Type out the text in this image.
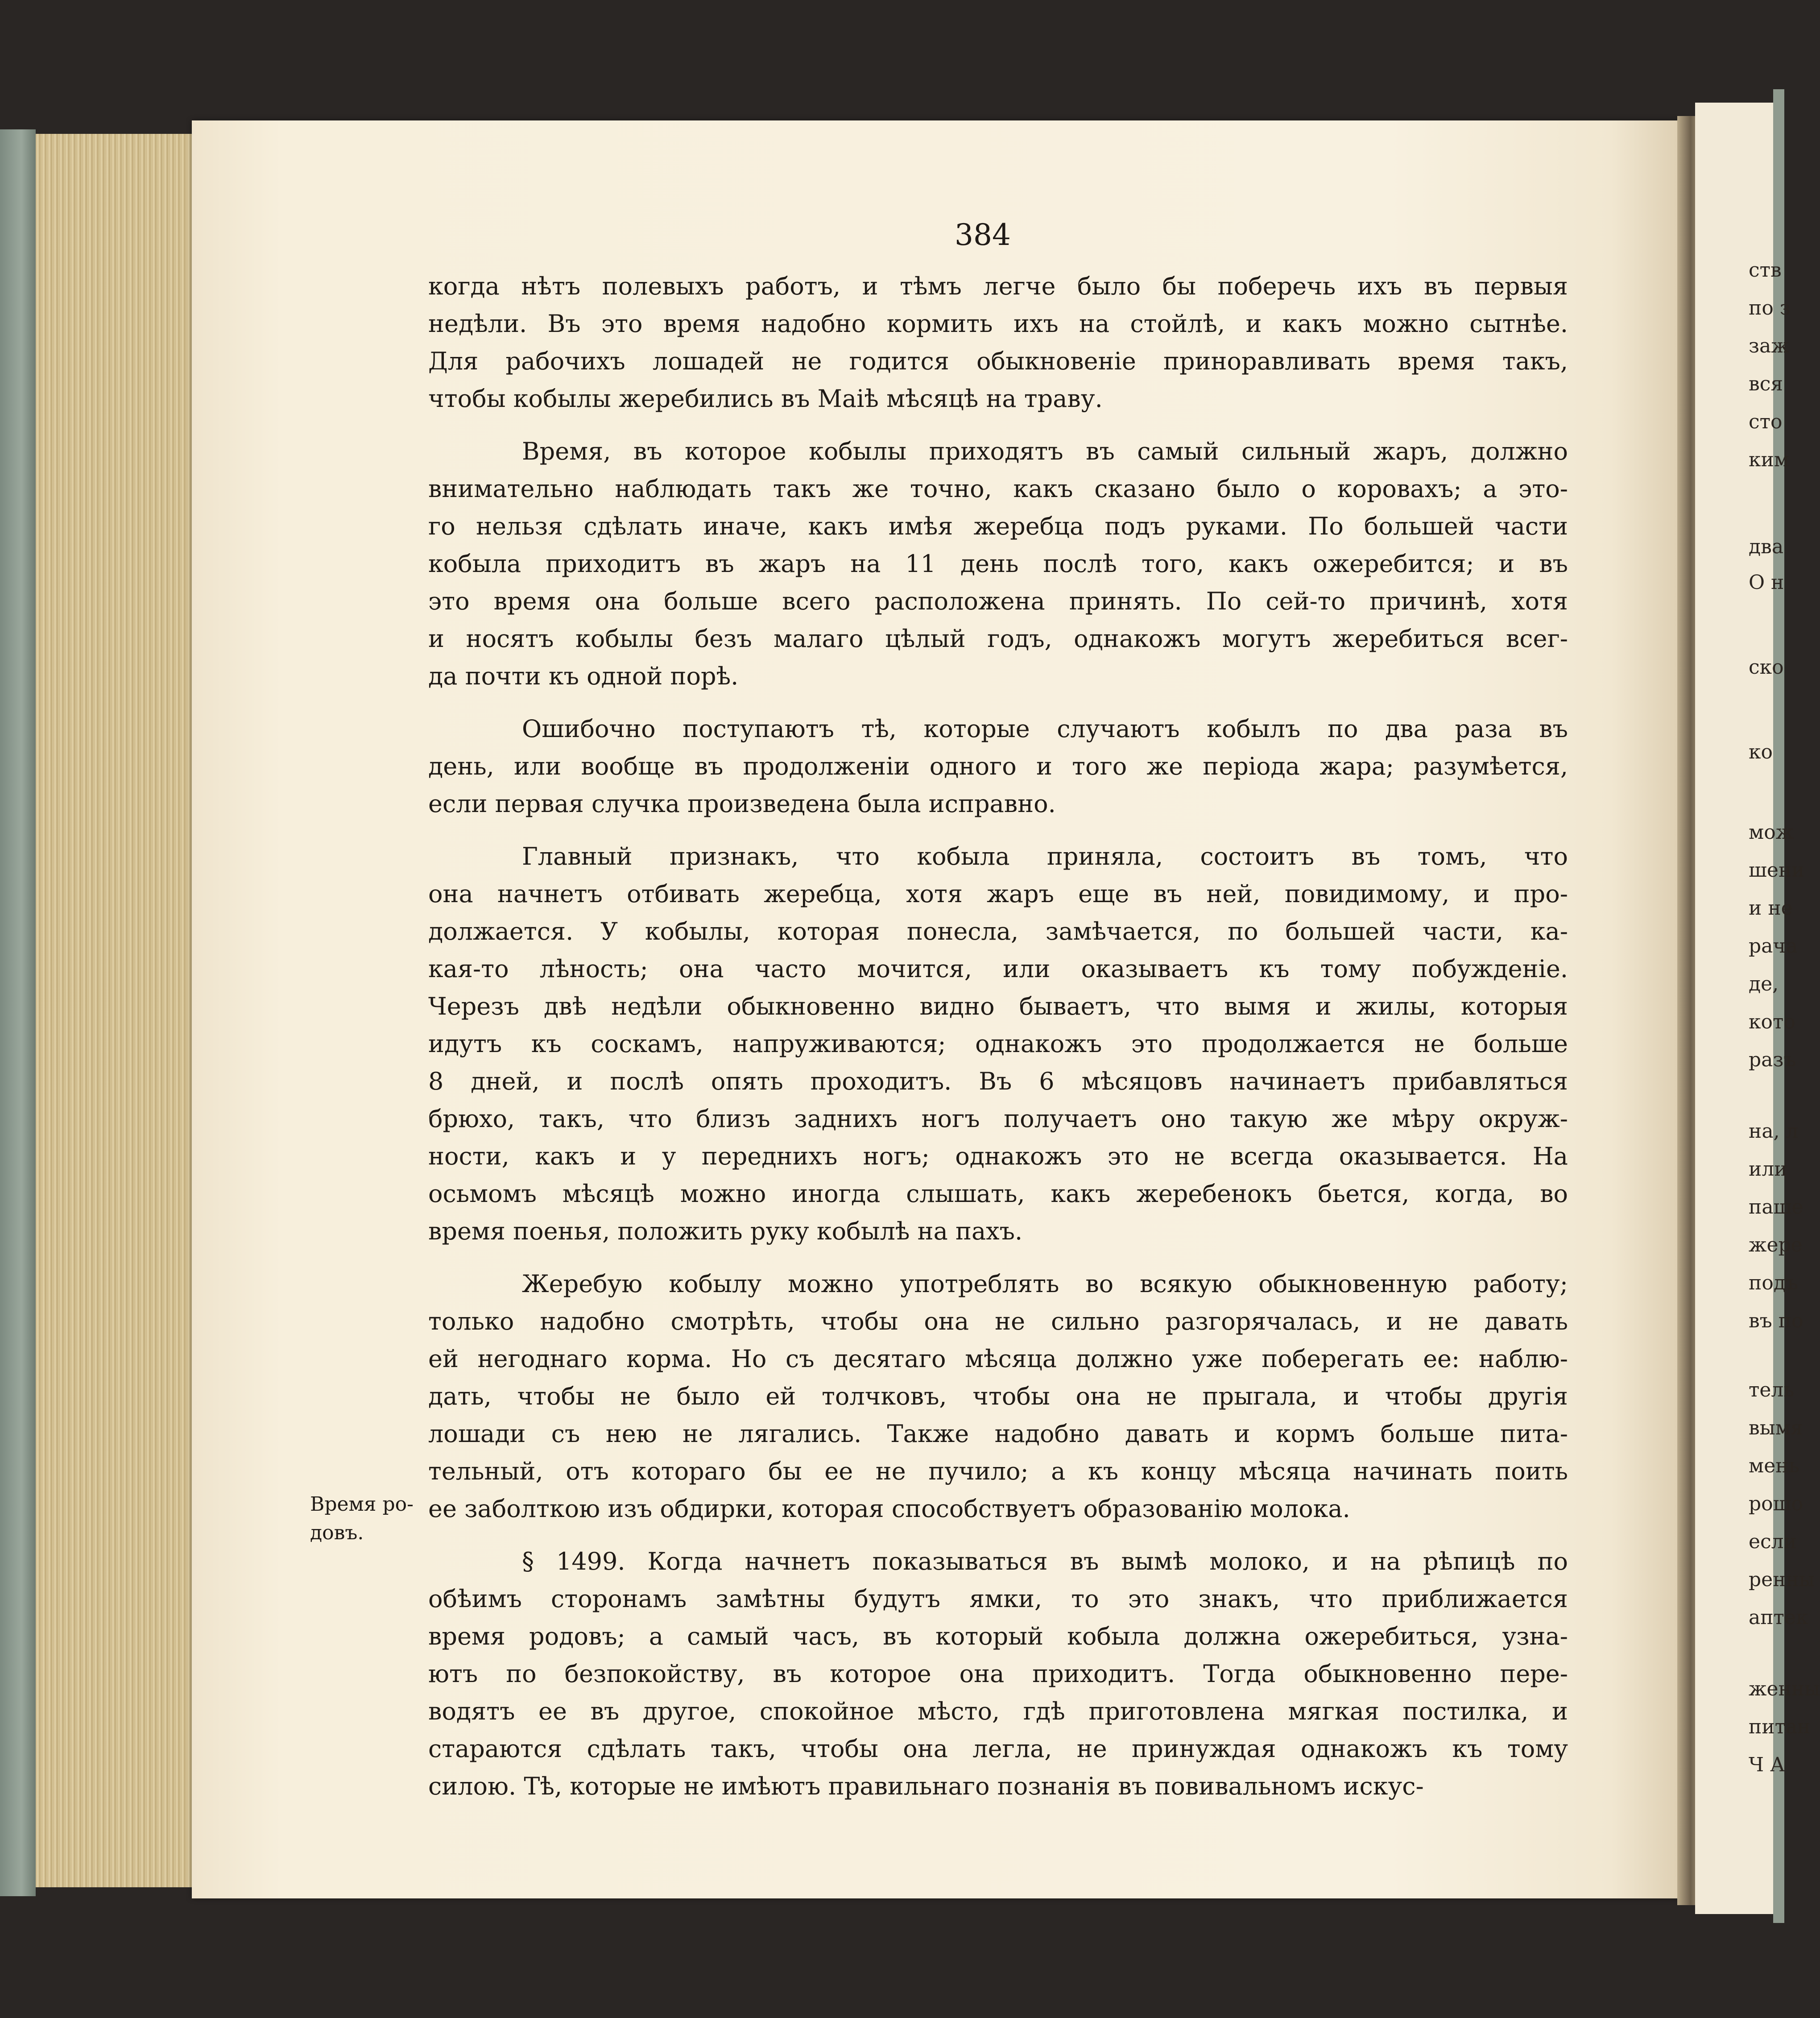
ств
по з
заж
вся
сто
ким
два
О н
ско
ко
мож
шени
и не
рача
де,
кото
разъ
на, л
или
паше
жере
подъ
въ по
тель
вымя
мень
рошо
если
ренны
аптек
женны
питан
Ч А
384
Время ро-
довъ.
когда нѣтъ полевыхъ работъ, и тѣмъ легче было бы поберечь ихъ въ первыя
недѣли. Въ это время надобно кормить ихъ на стойлѣ, и какъ можно сытнѣе.
Для рабочихъ лошадей не годится обыкновеніе приноравливать время такъ,
чтобы кобылы жеребились въ Маіѣ мѣсяцѣ на траву.
Время, въ которое кобылы приходятъ въ самый сильный жаръ, должно
внимательно наблюдать такъ же точно, какъ сказано было о коровахъ; а это-
го нельзя сдѣлать иначе, какъ имѣя жеребца подъ руками. По большей части
кобыла приходитъ въ жаръ на 11 день послѣ того, какъ ожеребится; и въ
это время она больше всего расположена принять. По сей-то причинѣ, хотя
и носятъ кобылы безъ малаго цѣлый годъ, однакожъ могутъ жеребиться всег-
да почти къ одной порѣ.
Ошибочно поступаютъ тѣ, которые случаютъ кобылъ по два раза въ
день, или вообще въ продолженіи одного и того же періода жара; разумѣется,
если первая случка произведена была исправно.
Главный признакъ, что кобыла приняла, состоитъ въ томъ, что
она начнетъ отбивать жеребца, хотя жаръ еще въ ней, повидимому, и про-
должается. У кобылы, которая понесла, замѣчается, по большей части, ка-
кая-то лѣность; она часто мочится, или оказываетъ къ тому побужденіе.
Черезъ двѣ недѣли обыкновенно видно бываетъ, что вымя и жилы, которыя
идутъ къ соскамъ, напруживаются; однакожъ это продолжается не больше
8 дней, и послѣ опять проходитъ. Въ 6 мѣсяцовъ начинаетъ прибавляться
брюхо, такъ, что близъ заднихъ ногъ получаетъ оно такую же мѣру окруж-
ности, какъ и у переднихъ ногъ; однакожъ это не всегда оказывается. На
осьмомъ мѣсяцѣ можно иногда слышать, какъ жеребенокъ бьется, когда, во
время поенья, положить руку кобылѣ на пахъ.
Жеребую кобылу можно употреблять во всякую обыкновенную работу;
только надобно смотрѣть, чтобы она не сильно разгорячалась, и не давать
ей негоднаго корма. Но съ десятаго мѣсяца должно уже поберегать ее: наблю-
дать, чтобы не было ей толчковъ, чтобы она не прыгала, и чтобы другія
лошади съ нею не лягались. Также надобно давать и кормъ больше пита-
тельный, отъ котораго бы ее не пучило; а къ концу мѣсяца начинать поить
ее заболткою изъ обдирки, которая способствуетъ образованію молока.
§ 1499. Когда начнетъ показываться въ вымѣ молоко, и на рѣпицѣ по
обѣимъ сторонамъ замѣтны будутъ ямки, то это знакъ, что приближается
время родовъ; а самый часъ, въ который кобыла должна ожеребиться, узна-
ютъ по безпокойству, въ которое она приходитъ. Тогда обыкновенно пере-
водятъ ее въ другое, спокойное мѣсто, гдѣ приготовлена мягкая постилка, и
стараются сдѣлать такъ, чтобы она легла, не принуждая однакожъ къ тому
силою. Тѣ, которые не имѣютъ правильнаго познанія въ повивальномъ искус-
